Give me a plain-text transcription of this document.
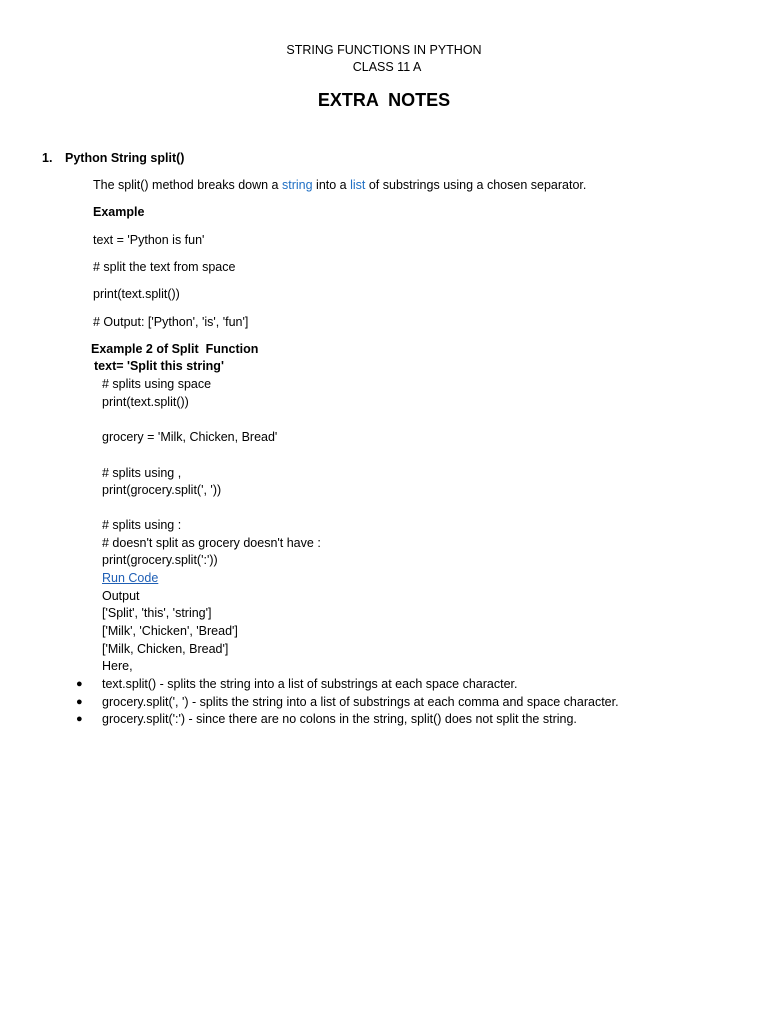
STRING FUNCTIONS IN PYTHON
CLASS 11 A
EXTRA  NOTES
1. Python String split()
The split() method breaks down a string into a list of substrings using a chosen separator.
Example
text = 'Python is fun'
# split the text from space
print(text.split())
# Output: ['Python', 'is', 'fun']
Example 2 of Split  Function
text= 'Split this string'
# splits using space
print(text.split())
grocery = 'Milk, Chicken, Bread'
# splits using ,
print(grocery.split(', '))
# splits using :
# doesn't split as grocery doesn't have :
print(grocery.split(':'))
Run Code
Output
['Split', 'this', 'string']
['Milk', 'Chicken', 'Bread']
['Milk, Chicken, Bread']
Here,
● text.split() - splits the string into a list of substrings at each space character.
● grocery.split(', ') - splits the string into a list of substrings at each comma and space character.
● grocery.split(':') - since there are no colons in the string, split() does not split the string.
